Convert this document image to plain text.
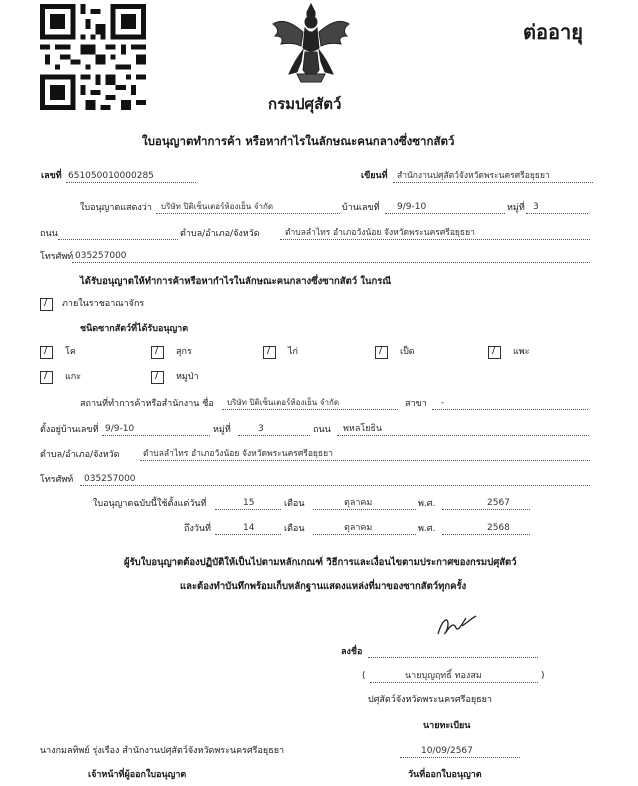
ต่ออายุ
กรมปศุสัตว์
ใบอนุญาตทำการค้า หรือหากำไรในลักษณะคนกลางซึ่งซากสัตว์
เลขที่ 651050010000285	เขียนที่ สำนักงานปศุสัตว์จังหวัดพระนครศรีอยุธยา
ใบอนุญาตแสดงว่า บริษัท ปิติเซ็นเตอร์ห้องเย็น จำกัด	บ้านเลขที่ 9/9-10	หมู่ที่ 3
ถนน	ตำบล/อำเภอ/จังหวัด	ตำบลลำไทร อำเภอวังน้อย จังหวัดพระนครศรีอยุธยา
โทรศัพท์ 035257000
ได้รับอนุญาตให้ทำการค้าหรือหากำไรในลักษณะคนกลางซึ่งซากสัตว์ ในกรณี
/
ภายในราชอาณาจักร
ชนิดซากสัตว์ที่ได้รับอนุญาต
/
โค /	สุกร /	ไก่ /	เป็ด /	แพะ
/
แกะ /	หมูป่า
สถานที่ทำการค้าหรือสำนักงาน ชื่อ บริษัท ปิติเซ็นเตอร์ห้องเย็น จำกัด	สาขา -
ตั้งอยู่บ้านเลขที่ 9/9-10	หมู่ที่	3	ถนน พหลโยธิน
ตำบล/อำเภอ/จังหวัด	ตำบลลำไทร อำเภอวังน้อย จังหวัดพระนครศรีอยุธยา
โทรศัพท์ 035257000
ใบอนุญาตฉบับนี้ใช้ตั้งแต่วันที่	15	เดือน	ตุลาคม	พ.ศ.	2567
ถึงวันที่	14	เดือน	ตุลาคม	พ.ศ.	2568
ผู้รับใบอนุญาตต้องปฏิบัติให้เป็นไปตามหลักเกณฑ์ วิธีการและเงื่อนไขตามประกาศของกรมปศุสัตว์
และต้องทำบันทึกพร้อมเก็บหลักฐานแสดงแหล่งที่มาของซากสัตว์ทุกครั้ง
ลงชื่อ
(	นายบุญฤทธิ์ ทองสม	)
ปศุสัตว์จังหวัดพระนครศรีอยุธยา
นายทะเบียน
นางกมลทิพย์ รุ่งเรือง สำนักงานปศุสัตว์จังหวัดพระนครศรีอยุธยา	10/09/2567
เจ้าหน้าที่ผู้ออกใบอนุญาต	วันที่ออกใบอนุญาต
